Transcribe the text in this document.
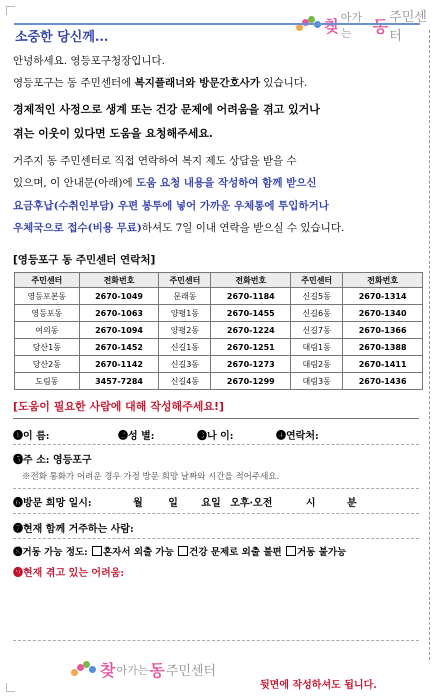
찾 아가는	동 주민센터
소중한 당신께...

안녕하세요. 영등포구청장입니다.

영등포구는 동 주민센터에 복지플래너와 방문간호사가 있습니다.

경제적인 사정으로 생계 또는 건강 문제에 어려움을 겪고 있거나

겪는 이웃이 있다면 도움을 요청해주세요.

거주지 동 주민센터로 직접 연락하여 복지 제도 상담을 받을 수

있으며, 이 안내문(아래)에 도움 요청 내용을 작성하여 함께 받으신

요금후납(수취인부담) 우편 봉투에 넣어 가까운 우체통에 투입하거나

우체국으로 접수(비용 무료)하셔도 7일 이내 연락을 받으실 수 있습니다.

[영등포구 동 주민센터 연락처]
주민센터	전화번호	주민센터	전화번호	주민센터	전화번호
영등포본동	2670-1049	문래동	2670-1184	신길5동	2670-1314
영등포동	2670-1063	양평1동	2670-1455	신길6동	2670-1340
여의동	2670-1094	양평2동	2670-1224	신길7동	2670-1366
당산1동	2670-1452	신길1동	2670-1251	대림1동	2670-1388
당산2동	2670-1142	신길3동	2670-1273	대림2동	2670-1411
도림동	3457-7284	신길4동	2670-1299	대림3동	2670-1436
[도움이 필요한 사람에 대해 작성해주세요!]
❶이 름:	❷성 별:	❸나 이:	❹연락처:
❺주 소: 영등포구
※전화 통화가 어려운 경우 가정 방문 희망 날짜와 시간을 적어주세요.
❻방문 희망 일시:	월	일 요일 오후·오전	시	분
❼현재 함께 거주하는 사람:
❽거동 가능 정도: 혼자서 외출 가능 건강 문제로 외출 불편 거동 불가능
❾현재 겪고 있는 어려움:
찾 아가는 동 주민센터
뒷면에 작성하셔도 됩니다.
